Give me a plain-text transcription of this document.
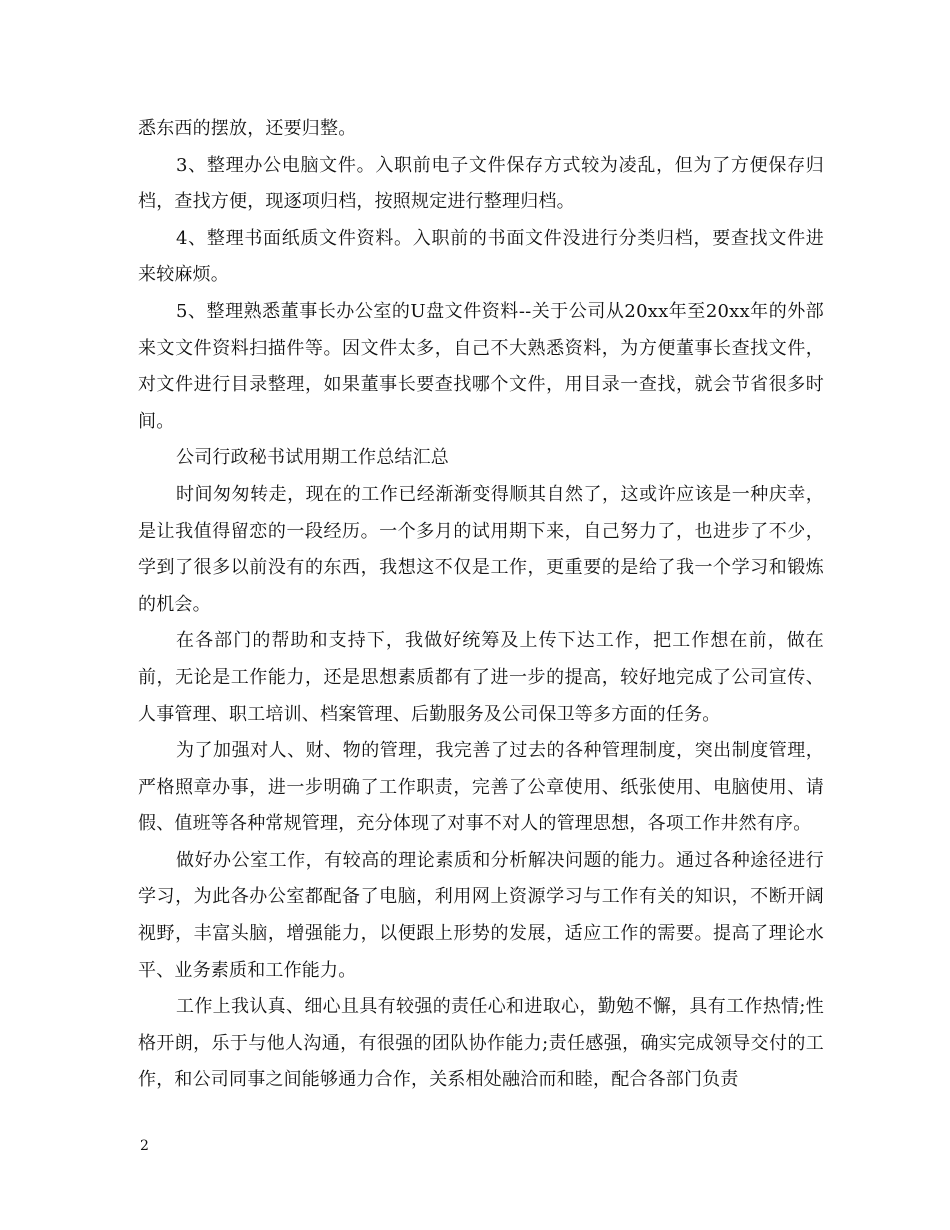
悉东西的摆放，还要归整。

3、整理办公电脑文件。入职前电子文件保存方式较为凌乱，但为了方便保存归档，查找方便，现逐项归档，按照规定进行整理归档。

4、整理书面纸质文件资料。入职前的书面文件没进行分类归档，要查找文件进来较麻烦。

5、整理熟悉董事长办公室的U盘文件资料--关于公司从20xx年至20xx年的外部来文文件资料扫描件等。因文件太多，自己不大熟悉资料，为方便董事长查找文件，对文件进行目录整理，如果董事长要查找哪个文件，用目录一查找，就会节省很多时间。

公司行政秘书试用期工作总结汇总

时间匆匆转走，现在的工作已经渐渐变得顺其自然了，这或许应该是一种庆幸，是让我值得留恋的一段经历。一个多月的试用期下来，自己努力了，也进步了不少，学到了很多以前没有的东西，我想这不仅是工作，更重要的是给了我一个学习和锻炼的机会。

在各部门的帮助和支持下，我做好统筹及上传下达工作，把工作想在前，做在前，无论是工作能力，还是思想素质都有了进一步的提高，较好地完成了公司宣传、人事管理、职工培训、档案管理、后勤服务及公司保卫等多方面的任务。

为了加强对人、财、物的管理，我完善了过去的各种管理制度，突出制度管理，严格照章办事，进一步明确了工作职责，完善了公章使用、纸张使用、电脑使用、请假、值班等各种常规管理，充分体现了对事不对人的管理思想，各项工作井然有序。

做好办公室工作，有较高的理论素质和分析解决问题的能力。通过各种途径进行学习，为此各办公室都配备了电脑，利用网上资源学习与工作有关的知识，不断开阔视野，丰富头脑，增强能力，以便跟上形势的发展，适应工作的需要。提高了理论水平、业务素质和工作能力。

工作上我认真、细心且具有较强的责任心和进取心，勤勉不懈，具有工作热情;性格开朗，乐于与他人沟通，有很强的团队协作能力;责任感强，确实完成领导交付的工作，和公司同事之间能够通力合作，关系相处融洽而和睦，配合各部门负责

2
